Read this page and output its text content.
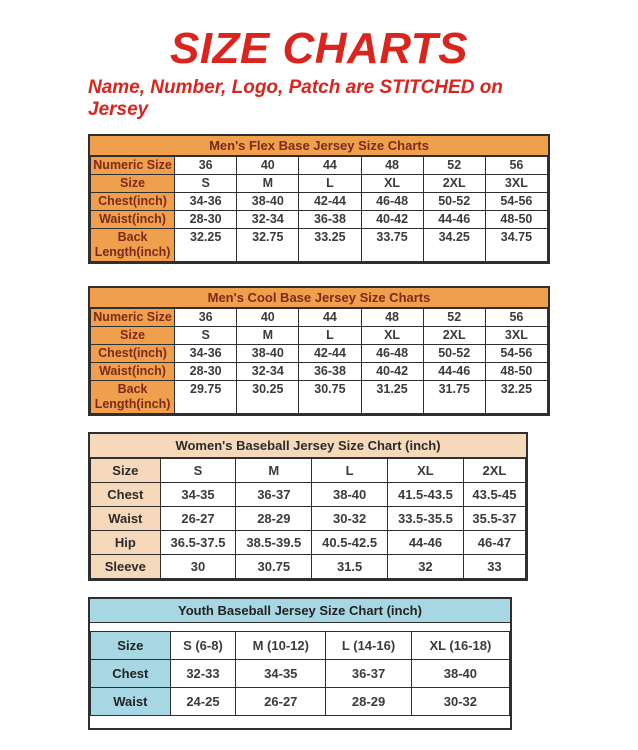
SIZE CHARTS

Name, Number, Logo, Patch are STITCHED on Jersey

Men's Flex Base Jersey Size Charts
Numeric Size	36	40	44	48	52	56
Size	S	M	L	XL	2XL	3XL
Chest(inch)	34-36	38-40	42-44	46-48	50-52	54-56
Waist(inch)	28-30	32-34	36-38	40-42	44-46	48-50
Back Length(inch)	32.25	32.75	33.25	33.75	34.25	34.75
Men's Cool Base Jersey Size Charts
Numeric Size	36	40	44	48	52	56
Size	S	M	L	XL	2XL	3XL
Chest(inch)	34-36	38-40	42-44	46-48	50-52	54-56
Waist(inch)	28-30	32-34	36-38	40-42	44-46	48-50
Back Length(inch)	29.75	30.25	30.75	31.25	31.75	32.25
Women's Baseball Jersey Size Chart (inch)
Size	S	M	L	XL	2XL
Chest	34-35	36-37	38-40	41.5-43.5	43.5-45
Waist	26-27	28-29	30-32	33.5-35.5	35.5-37
Hip	36.5-37.5	38.5-39.5	40.5-42.5	44-46	46-47
Sleeve	30	30.75	31.5	32	33
Youth Baseball Jersey Size Chart (inch)
Size	S (6-8)	M (10-12)	L (14-16)	XL (16-18)
Chest	32-33	34-35	36-37	38-40
Waist	24-25	26-27	28-29	30-32
